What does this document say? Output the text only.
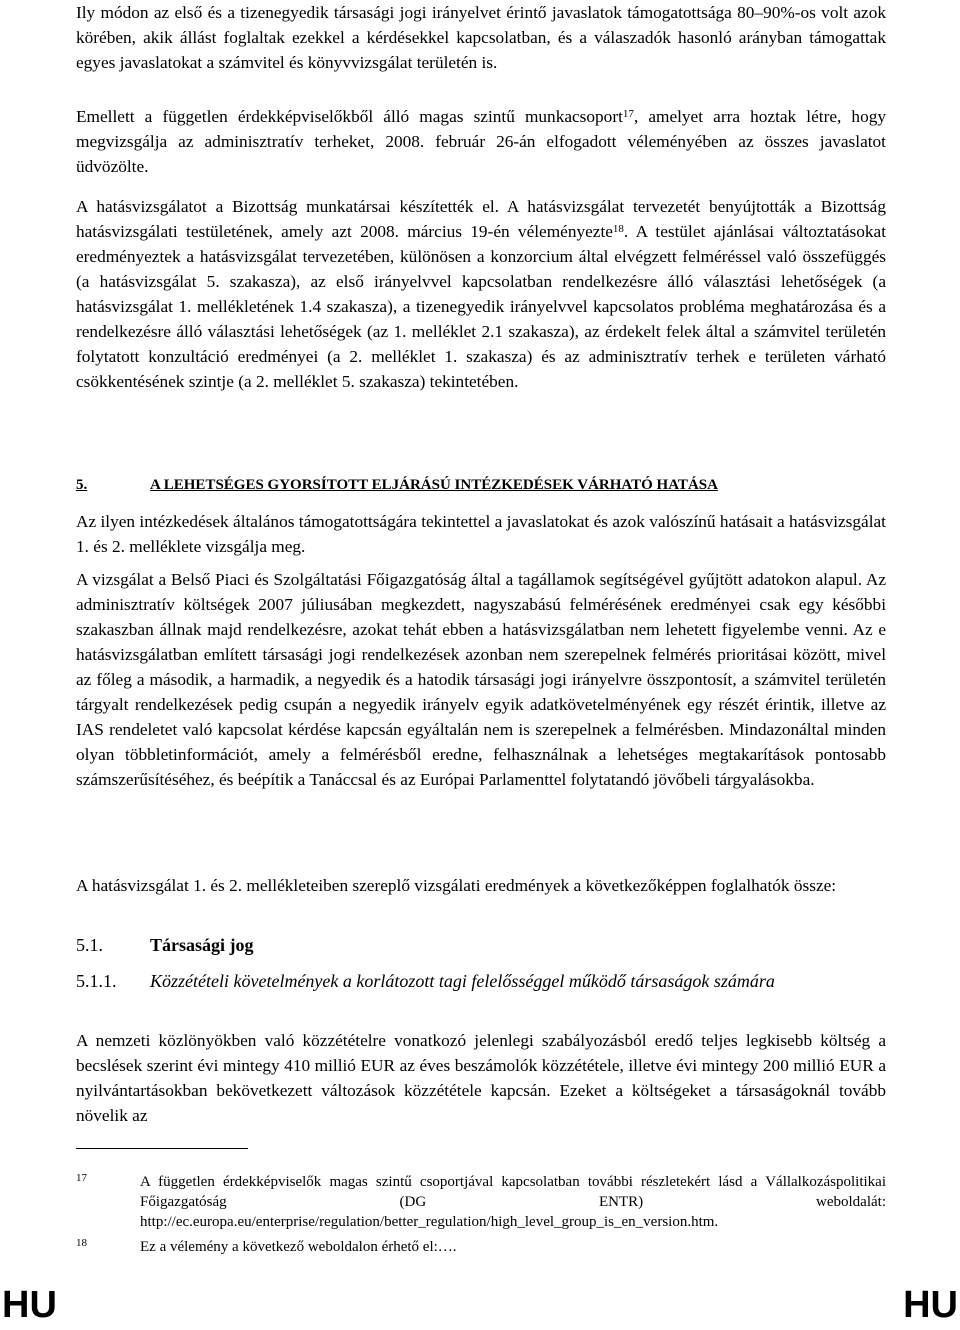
Ily módon az első és a tizenegyedik társasági jogi irányelvet érintő javaslatok támogatottsága 80–90%-os volt azok körében, akik állást foglaltak ezekkel a kérdésekkel kapcsolatban, és a válaszadók hasonló arányban támogattak egyes javaslatokat a számvitel és könyvvizsgálat területén is.

Emellett a független érdekképviselőkből álló magas szintű munkacsoport$^{17}$, amelyet arra hoztak létre, hogy megvizsgálja az adminisztratív terheket, 2008. február 26-án elfogadott véleményében az összes javaslatot üdvözölte.

A hatásvizsgálatot a Bizottság munkatársai készítették el. A hatásvizsgálat tervezetét benyújtották a Bizottság hatásvizsgálati testületének, amely azt 2008. március 19-én véleményezte$^{18}$. A testület ajánlásai változtatásokat eredményeztek a hatásvizsgálat tervezetében, különösen a konzorcium által elvégzett felméréssel való összefüggés (a hatásvizsgálat 5. szakasza), az első irányelvvel kapcsolatban rendelkezésre álló választási lehetőségek (a hatásvizsgálat 1. mellékletének 1.4 szakasza), a tizenegyedik irányelvvel kapcsolatos probléma meghatározása és a rendelkezésre álló választási lehetőségek (az 1. melléklet 2.1 szakasza), az érdekelt felek által a számvitel területén folytatott konzultáció eredményei (a 2. melléklet 1. szakasza) és az adminisztratív terhek e területen várható csökkentésének szintje (a 2. melléklet 5. szakasza) tekintetében.

5.	A LEHETSÉGES GYORSÍTOTT ELJÁRÁSÚ INTÉZKEDÉSEK VÁRHATÓ HATÁSA

Az ilyen intézkedések általános támogatottságára tekintettel a javaslatokat és azok valószínű hatásait a hatásvizsgálat 1. és 2. melléklete vizsgálja meg.

A vizsgálat a Belső Piaci és Szolgáltatási Főigazgatóság által a tagállamok segítségével gyűjtött adatokon alapul. Az adminisztratív költségek 2007 júliusában megkezdett, nagyszabású felmérésének eredményei csak egy későbbi szakaszban állnak majd rendelkezésre, azokat tehát ebben a hatásvizsgálatban nem lehetett figyelembe venni. Az e hatásvizsgálatban említett társasági jogi rendelkezések azonban nem szerepelnek felmérés prioritásai között, mivel az főleg a második, a harmadik, a negyedik és a hatodik társasági jogi irányelvre összpontosít, a számvitel területén tárgyalt rendelkezések pedig csupán a negyedik irányelv egyik adatkövetelményének egy részét érintik, illetve az IAS rendeletet való kapcsolat kérdése kapcsán egyáltalán nem is szerepelnek a felmérésben. Mindazonáltal minden olyan többletinformációt, amely a felmérésből eredne, felhasználnak a lehetséges megtakarítások pontosabb számszerűsítéséhez, és beépítik a Tanáccsal és az Európai Parlamenttel folytatandó jövőbeli tárgyalásokba.

A hatásvizsgálat 1. és 2. mellékleteiben szereplő vizsgálati eredmények a következőképpen foglalhatók össze:

5.1.	Társasági jog
5.1.1. Közzétételi követelmények a korlátozott tagi felelősséggel működő társaságok számára

A nemzeti közlönyökben való közzétételre vonatkozó jelenlegi szabályozásból eredő teljes legkisebb költség a becslések szerint évi mintegy 410 millió EUR az éves beszámolók közzététele, illetve évi mintegy 200 millió EUR a nyilvántartásokban bekövetkezett változások közzététele kapcsán. Ezeket a költségeket a társaságoknál tovább növelik az

17	A független érdekképviselők magas szintű csoportjával kapcsolatban további részletekért lásd a Vállalkozáspolitikai Főigazgatóság (DG ENTR) weboldalát: http://ec.europa.eu/enterprise/regulation/better_regulation/high_level_group_is_en_version.htm.
18	Ez a vélemény a következő weboldalon érhető el:….
HU	HU
